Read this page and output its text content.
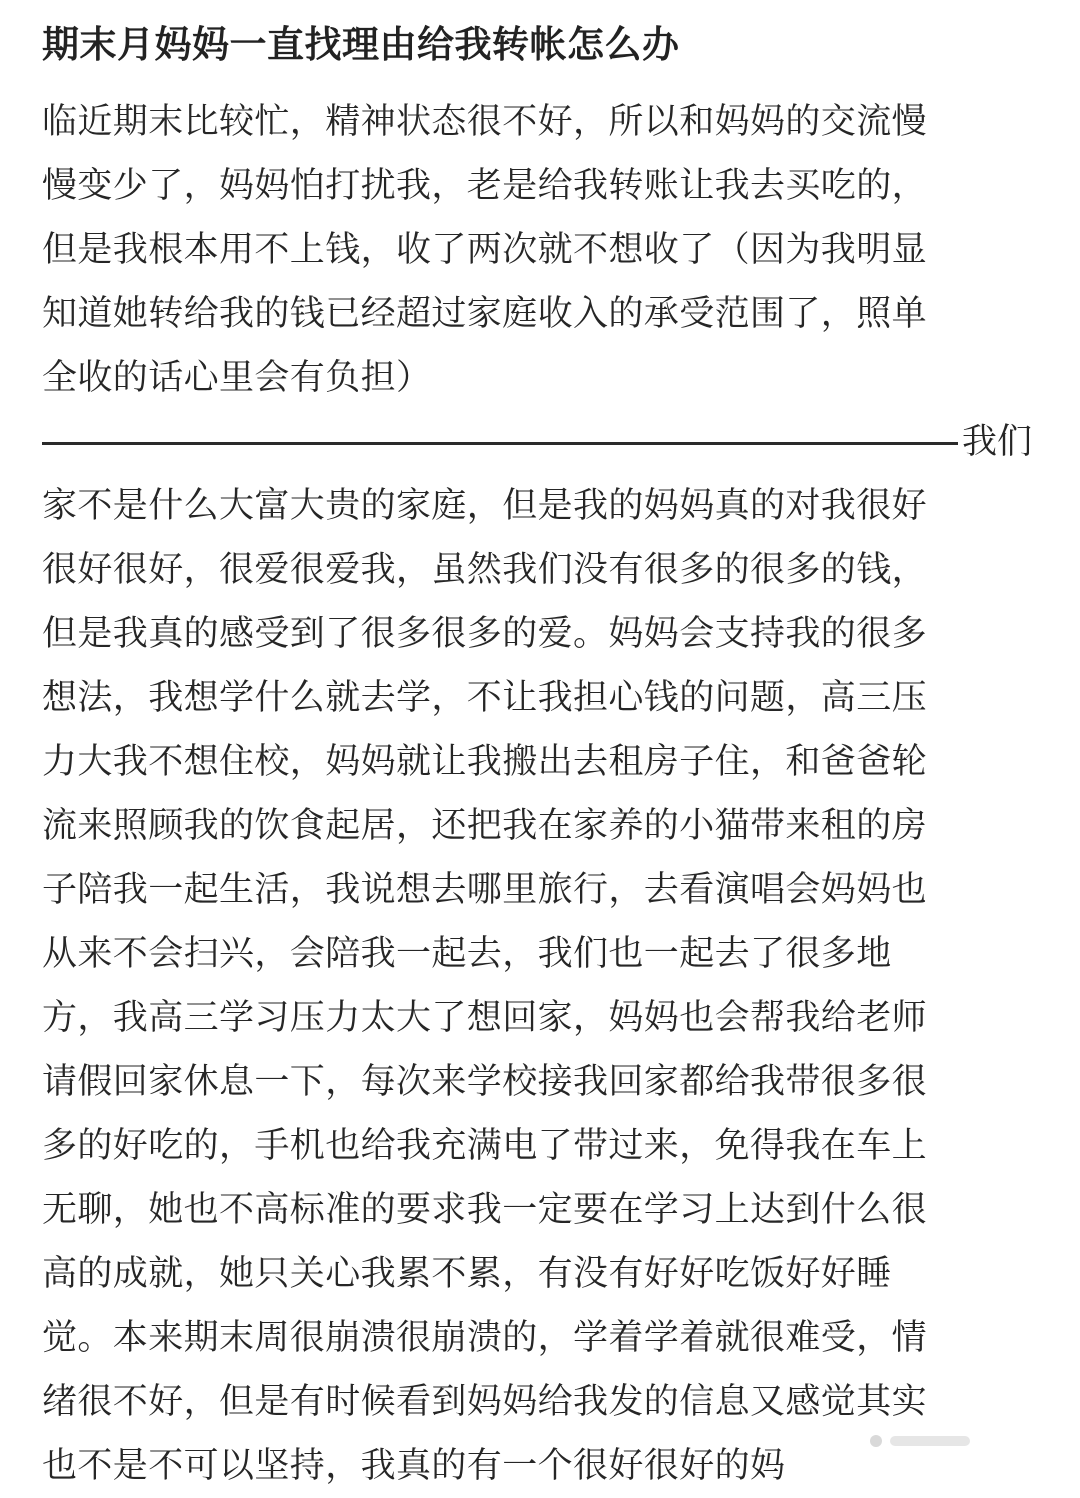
期末月妈妈一直找理由给我转帐怎么办
临近期末比较忙，精神状态很不好，所以和妈妈的交流慢
慢变少了，妈妈怕打扰我，老是给我转账让我去买吃的，
但是我根本用不上钱，收了两次就不想收了（因为我明显
知道她转给我的钱已经超过家庭收入的承受范围了，照单
全收的话心里会有负担）
我们
家不是什么大富大贵的家庭，但是我的妈妈真的对我很好
很好很好，很爱很爱我，虽然我们没有很多的很多的钱，
但是我真的感受到了很多很多的爱。妈妈会支持我的很多
想法，我想学什么就去学，不让我担心钱的问题，高三压
力大我不想住校，妈妈就让我搬出去租房子住，和爸爸轮
流来照顾我的饮食起居，还把我在家养的小猫带来租的房
子陪我一起生活，我说想去哪里旅行，去看演唱会妈妈也
从来不会扫兴，会陪我一起去，我们也一起去了很多地
方，我高三学习压力太大了想回家，妈妈也会帮我给老师
请假回家休息一下，每次来学校接我回家都给我带很多很
多的好吃的，手机也给我充满电了带过来，免得我在车上
无聊，她也不高标准的要求我一定要在学习上达到什么很
高的成就，她只关心我累不累，有没有好好吃饭好好睡
觉。本来期末周很崩溃很崩溃的，学着学着就很难受，情
绪很不好，但是有时候看到妈妈给我发的信息又感觉其实
也不是不可以坚持，我真的有一个很好很好的妈
